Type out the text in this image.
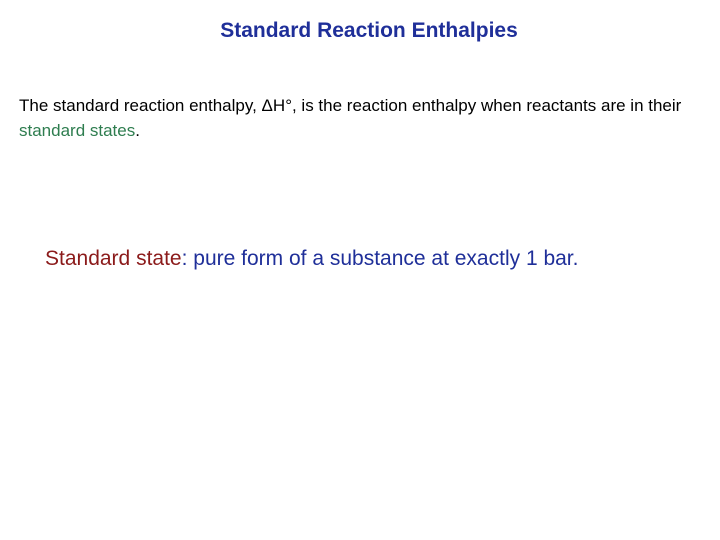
Standard Reaction Enthalpies
The standard reaction enthalpy, ΔH°, is the reaction enthalpy when reactants are in their standard states.
Standard state: pure form of a substance at exactly 1 bar.
